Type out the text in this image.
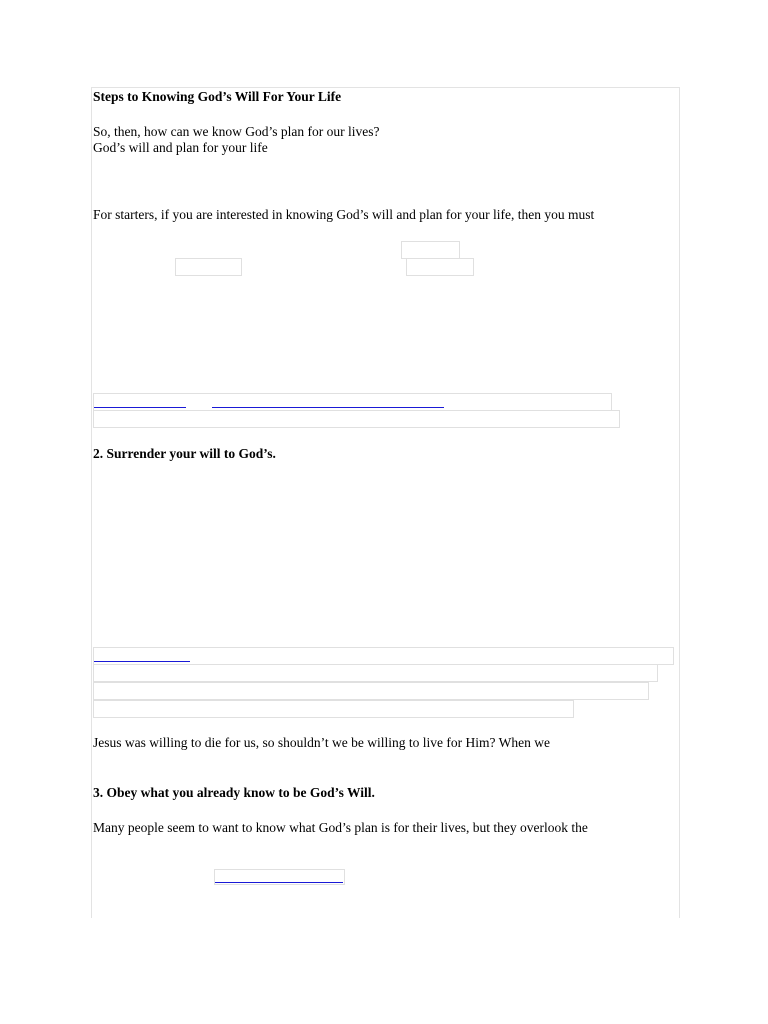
Steps to Knowing God’s Will For Your Life
So, then, how can we know God’s plan for our lives?
God’s will and plan for your life
For starters, if you are interested in knowing God’s will and plan for your life, then you must
2. Surrender your will to God’s.
Jesus was willing to die for us, so shouldn’t we be willing to live for Him? When we
3. Obey what you already know to be God’s Will.
Many people seem to want to know what God’s plan is for their lives, but they overlook the
